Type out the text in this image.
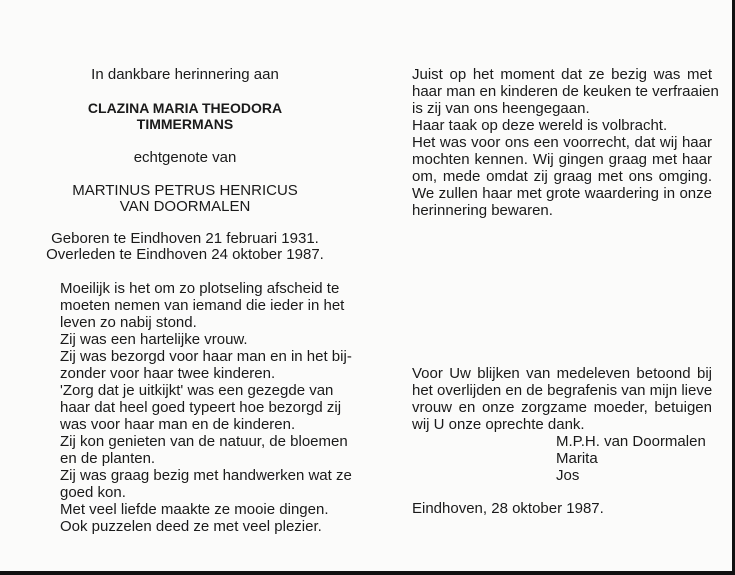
In dankbare herinnering aan
CLAZINA MARIA THEODORA
TIMMERMANS
echtgenote van
MARTINUS PETRUS HENRICUS
VAN DOORMALEN
Geboren te Eindhoven 21 februari 1931.
Overleden te Eindhoven 24 oktober 1987.
Moeilijk is het om zo plotseling afscheid te
moeten nemen van iemand die ieder in het
leven zo nabij stond.
Zij was een hartelijke vrouw.
Zij was bezorgd voor haar man en in het bij-
zonder voor haar twee kinderen.
'Zorg dat je uitkijkt' was een gezegde van
haar dat heel goed typeert hoe bezorgd zij
was voor haar man en de kinderen.
Zij kon genieten van de natuur, de bloemen
en de planten.
Zij was graag bezig met handwerken wat ze
goed kon.
Met veel liefde maakte ze mooie dingen.
Ook puzzelen deed ze met veel plezier.
Juist op het moment dat ze bezig was met
haar man en kinderen de keuken te verfraaien
is zij van ons heengegaan.
Haar taak op deze wereld is volbracht.
Het was voor ons een voorrecht, dat wij haar
mochten kennen. Wij gingen graag met haar
om, mede omdat zij graag met ons omging.
We zullen haar met grote waardering in onze
herinnering bewaren.
Voor Uw blijken van medeleven betoond bij
het overlijden en de begrafenis van mijn lieve
vrouw en onze zorgzame moeder, betuigen
wij U onze oprechte dank.
M.P.H. van Doormalen
Marita
Jos
Eindhoven, 28 oktober 1987.
